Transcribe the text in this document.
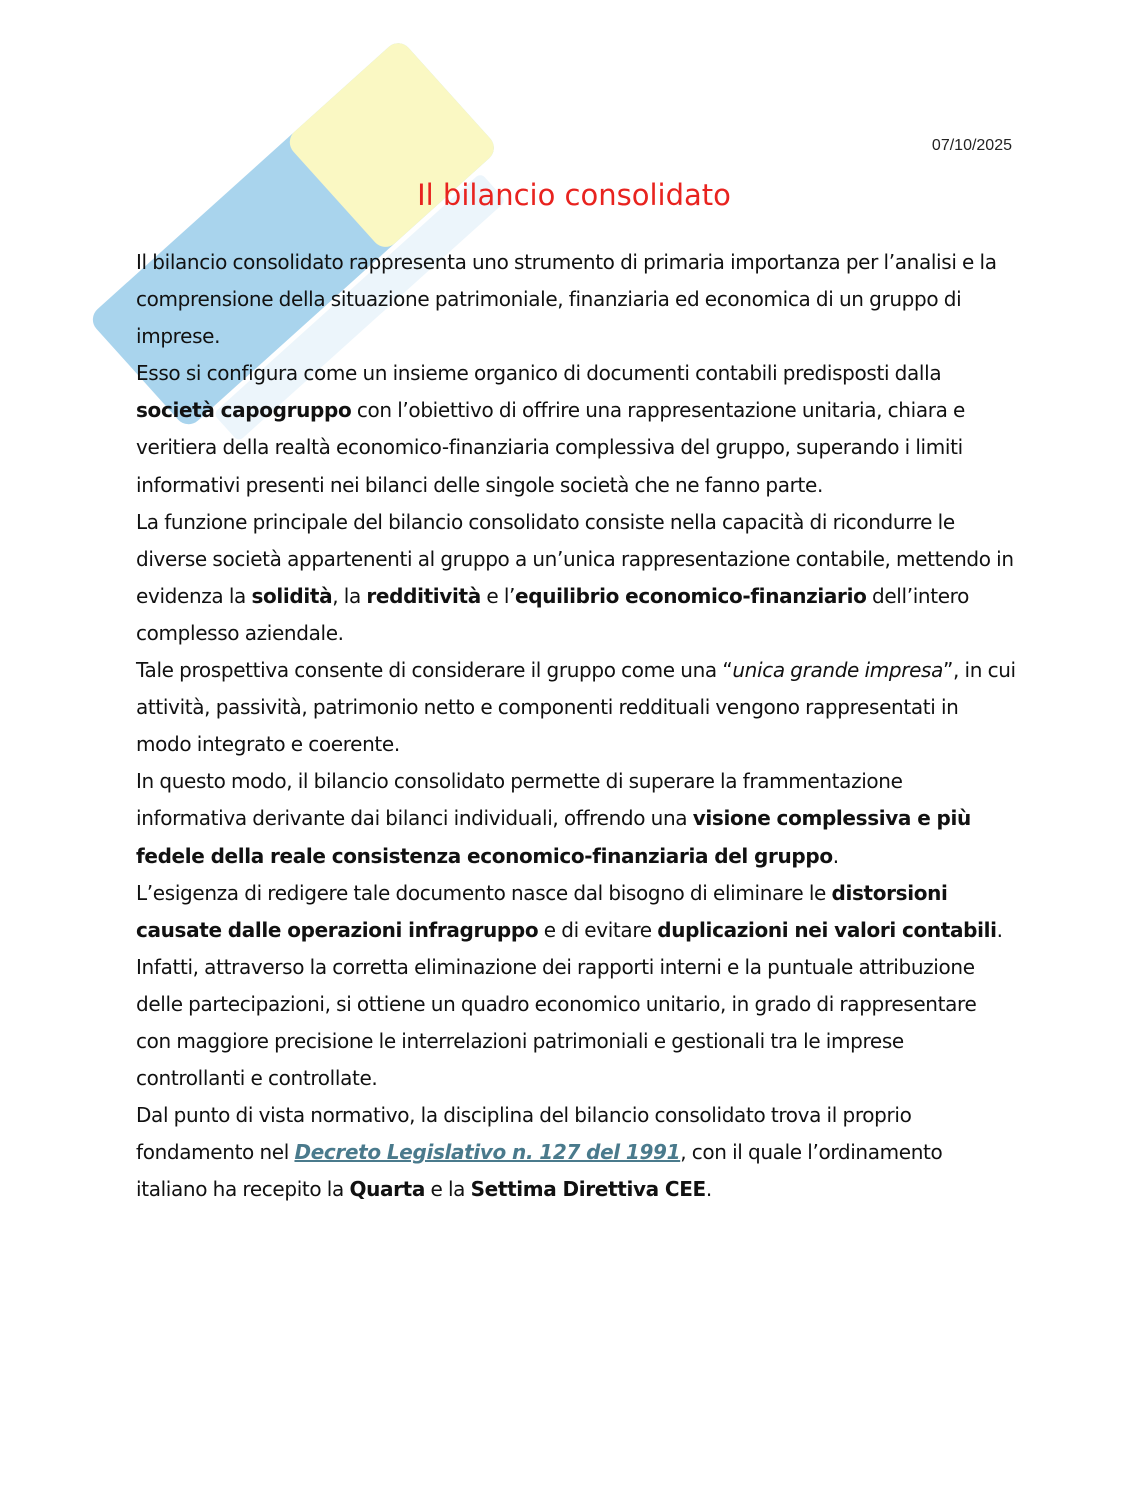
07/10/2025
Il bilancio consolidato

Il bilancio consolidato rappresenta uno strumento di primaria importanza per l’analisi e la comprensione della situazione patrimoniale, finanziaria ed economica di un gruppo di imprese.

Esso si configura come un insieme organico di documenti contabili predisposti dalla società capogruppo con l’obiettivo di offrire una rappresentazione unitaria, chiara e veritiera della realtà economico-finanziaria complessiva del gruppo, superando i limiti informativi presenti nei bilanci delle singole società che ne fanno parte.

La funzione principale del bilancio consolidato consiste nella capacità di ricondurre le diverse società appartenenti al gruppo a un’unica rappresentazione contabile, mettendo in evidenza la solidità, la redditività e l’equilibrio economico-finanziario dell’intero complesso aziendale.

Tale prospettiva consente di considerare il gruppo come una “unica grande impresa”, in cui attività, passività, patrimonio netto e componenti reddituali vengono rappresentati in modo integrato e coerente.

In questo modo, il bilancio consolidato permette di superare la frammentazione informativa derivante dai bilanci individuali, offrendo una visione complessiva e più fedele della reale consistenza economico-finanziaria del gruppo.

L’esigenza di redigere tale documento nasce dal bisogno di eliminare le distorsioni causate dalle operazioni infragruppo e di evitare duplicazioni nei valori contabili.

Infatti, attraverso la corretta eliminazione dei rapporti interni e la puntuale attribuzione delle partecipazioni, si ottiene un quadro economico unitario, in grado di rappresentare con maggiore precisione le interrelazioni patrimoniali e gestionali tra le imprese controllanti e controllate.

Dal punto di vista normativo, la disciplina del bilancio consolidato trova il proprio fondamento nel Decreto Legislativo n. 127 del 1991, con il quale l’ordinamento italiano ha recepito la Quarta e la Settima Direttiva CEE.
